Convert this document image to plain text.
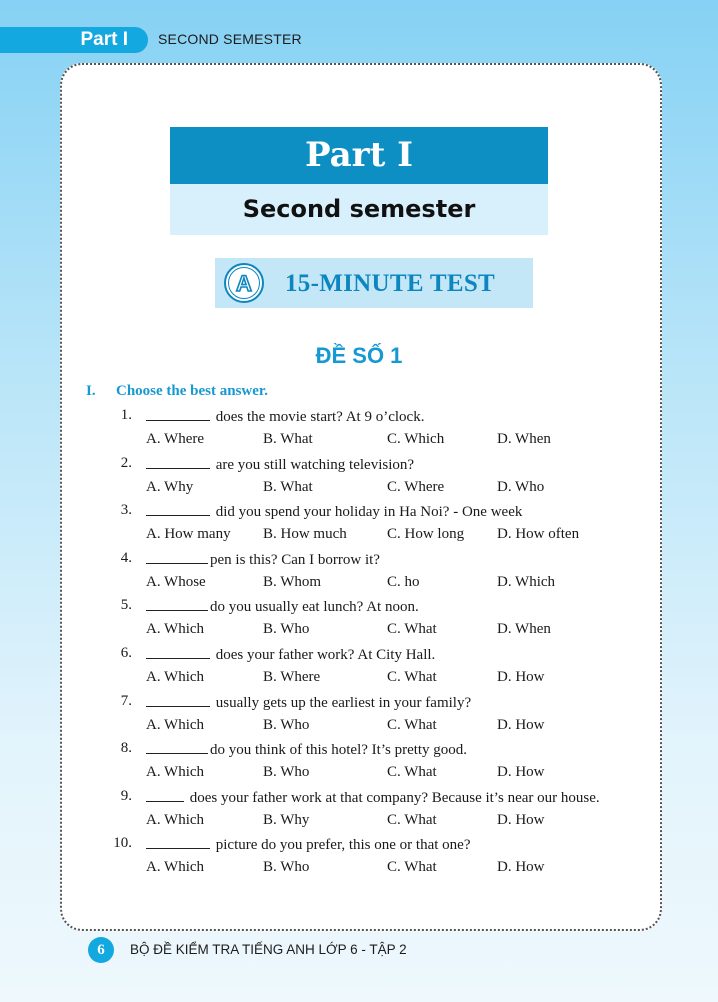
Part I	SECOND SEMESTER
Part I
Second semester
A 15-MINUTE TEST
ĐỀ SỐ 1
I. Choose the best answer.
1.	does the movie start? At 9 o’clock.
A. Where	B. What	C. Which	D. When
2.	are you still watching television?
A. Why	B. What	C. Where	D. Who
3.	did you spend your holiday in Ha Noi? - One week
A. How many B. How much	C. How long D. How often
4.	pen is this? Can I borrow it?
A. Whose	B. Whom	C. ho	D. Which
5.	do you usually eat lunch? At noon.
A. Which	B. Who	C. What	D. When
6.	does your father work? At City Hall.
A. Which	B. Where	C. What	D. How
7.	usually gets up the earliest in your family?
A. Which	B. Who	C. What	D. How
8.	do you think of this hotel? It’s pretty good.
A. Which	B. Who	C. What	D. How
9.	does your father work at that company? Because it’s near our house.
A. Which	B. Why	C. What	D. How
10.	picture do you prefer, this one or that one?
A. Which	B. Who	C. What	D. How
6	BỘ ĐỀ KIỂM TRA TIẾNG ANH LỚP 6 - TẬP 2
